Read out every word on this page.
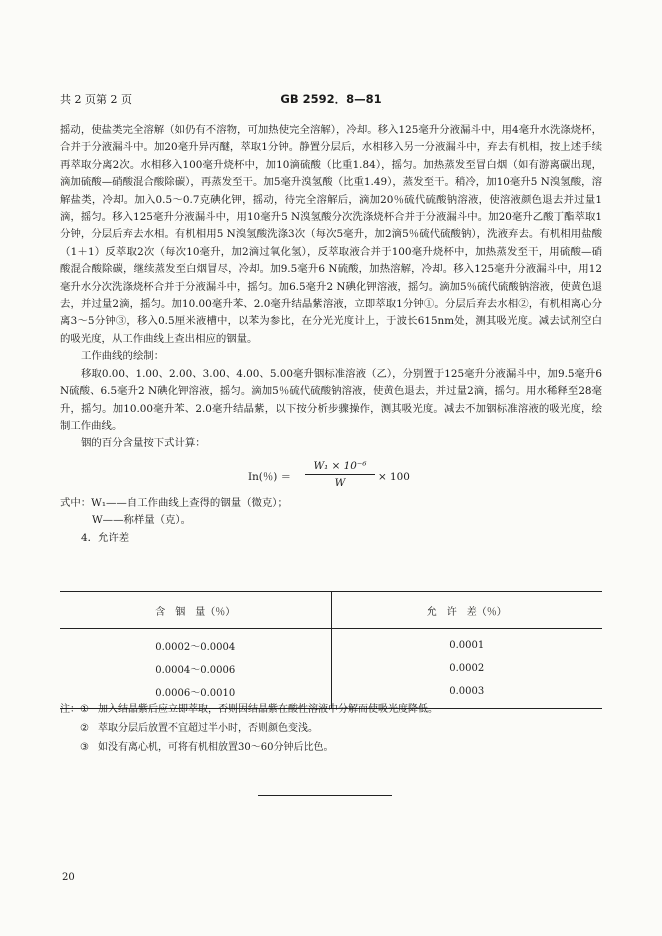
共 2 页第 2 页	GB 2592．8—81

摇动，使盐类完全溶解（如仍有不溶物，可加热使完全溶解），冷却。移入125毫升分液漏斗中，用4毫升水洗涤烧杯，合并于分液漏斗中。加20毫升异丙醚，萃取1分钟。静置分层后，水相移入另一分液漏斗中，弃去有机相，按上述手续再萃取分离2次。水相移入100毫升烧杯中，加10滴硫酸（比重1.84），摇匀。加热蒸发至冒白烟（如有游离碳出现，滴加硫酸—硝酸混合酸除碳），再蒸发至干。加5毫升溴氢酸（比重1.49），蒸发至干。稍冷，加10毫升5 N溴氢酸，溶解盐类，冷却。加入0.5～0.7克碘化钾，摇动，待完全溶解后，滴加20％硫代硫酸钠溶液，使溶液颜色退去并过量1滴，摇匀。移入125毫升分液漏斗中，用10毫升5 N溴氢酸分次洗涤烧杯合并于分液漏斗中。加20毫升乙酸丁酯萃取1分钟，分层后弃去水相。有机相用5 N溴氢酸洗涤3次（每次5毫升，加2滴5％硫代硫酸钠），洗液弃去。有机相用盐酸（1＋1）反萃取2次（每次10毫升，加2滴过氧化氢），反萃取液合并于100毫升烧杯中，加热蒸发至干，用硫酸—硝酸混合酸除碳，继续蒸发至白烟冒尽，冷却。加9.5毫升6 N硫酸，加热溶解，冷却。移入125毫升分液漏斗中，用12毫升水分次洗涤烧杯合并于分液漏斗中，摇匀。加6.5毫升2 N碘化钾溶液，摇匀。滴加5％硫代硫酸钠溶液，使黄色退去，并过量2滴，摇匀。加10.00毫升苯、2.0毫升结晶紫溶液，立即萃取1分钟①。分层后弃去水相②，有机相离心分离3～5分钟③，移入0.5厘米液槽中，以苯为参比，在分光光度计上，于波长615nm处，测其吸光度。减去试剂空白的吸光度，从工作曲线上查出相应的铟量。

工作曲线的绘制：

移取0.00、1.00、2.00、3.00、4.00、5.00毫升铟标准溶液（乙），分别置于125毫升分液漏斗中，加9.5毫升6 N硫酸、6.5毫升2 N碘化钾溶液，摇匀。滴加5％硫代硫酸钠溶液，使黄色退去，并过量2滴，摇匀。用水稀释至28毫升，摇匀。加10.00毫升苯、2.0毫升结晶紫，以下按分析步骤操作，测其吸光度。减去不加铟标准溶液的吸光度，绘制工作曲线。

铟的百分含量按下式计算：

In(％) ＝ $\frac{\text{W₁ × 10⁻⁶}}{W} \times 100$

式中：W₁——自工作曲线上查得的铟量（微克）；

W——称样量（克）。

4．允许差

含　铟　量（％）	允　许　差（％）
0.0002～0.0004	0.0001
0.0004～0.0006	0.0002
0.0006～0.0010	0.0003
注： ① 加入结晶紫后应立即萃取，否则因结晶紫在酸性溶液中分解而使吸光度降低。
② 萃取分层后放置不宜超过半小时，否则颜色变浅。
③ 如没有离心机，可将有机相放置30～60分钟后比色。
20
